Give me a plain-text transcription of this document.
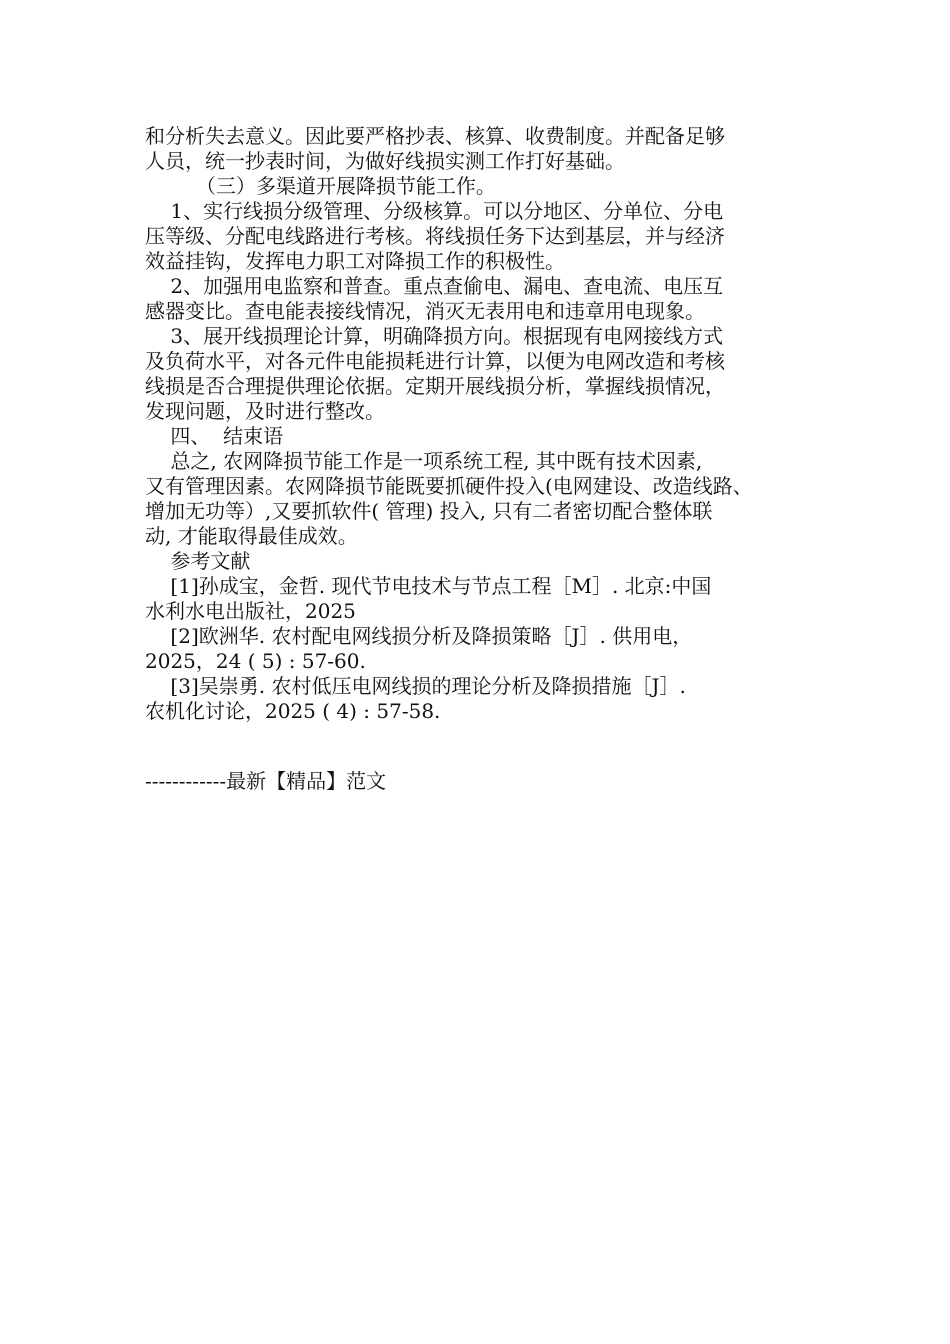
和分析失去意义。因此要严格抄表、核算、收费制度。并配备足够
人员，统一抄表时间，为做好线损实测工作打好基础。
（三）多渠道开展降损节能工作。
1、实行线损分级管理、分级核算。可以分地区、分单位、分电
压等级、分配电线路进行考核。将线损任务下达到基层，并与经济
效益挂钩，发挥电力职工对降损工作的积极性。
2、加强用电监察和普查。重点查偷电、漏电、查电流、电压互
感器变比。查电能表接线情况，消灭无表用电和违章用电现象。
3、展开线损理论计算，明确降损方向。根据现有电网接线方式
及负荷水平，对各元件电能损耗进行计算，以便为电网改造和考核
线损是否合理提供理论依据。定期开展线损分析，掌握线损情况，
发现问题，及时进行整改。
四、  结束语
总之, 农网降损节能工作是一项系统工程, 其中既有技术因素,
又有管理因素。农网降损节能既要抓硬件投入(电网建设、改造线路、
增加无功等）,又要抓软件( 管理) 投入, 只有二者密切配合整体联
动, 才能取得最佳成效。
参考文献
[1]孙成宝，金哲. 现代节电技术与节点工程［M］. 北京:中国
水利水电出版社，2025
[2]欧洲华. 农村配电网线损分析及降损策略［J］. 供用电，
2025，24 ( 5) : 57-60.
[3]吴崇勇. 农村低压电网线损的理论分析及降损措施［J］.
农机化讨论，2025 ( 4) : 57-58.
------------最新【精品】范文
